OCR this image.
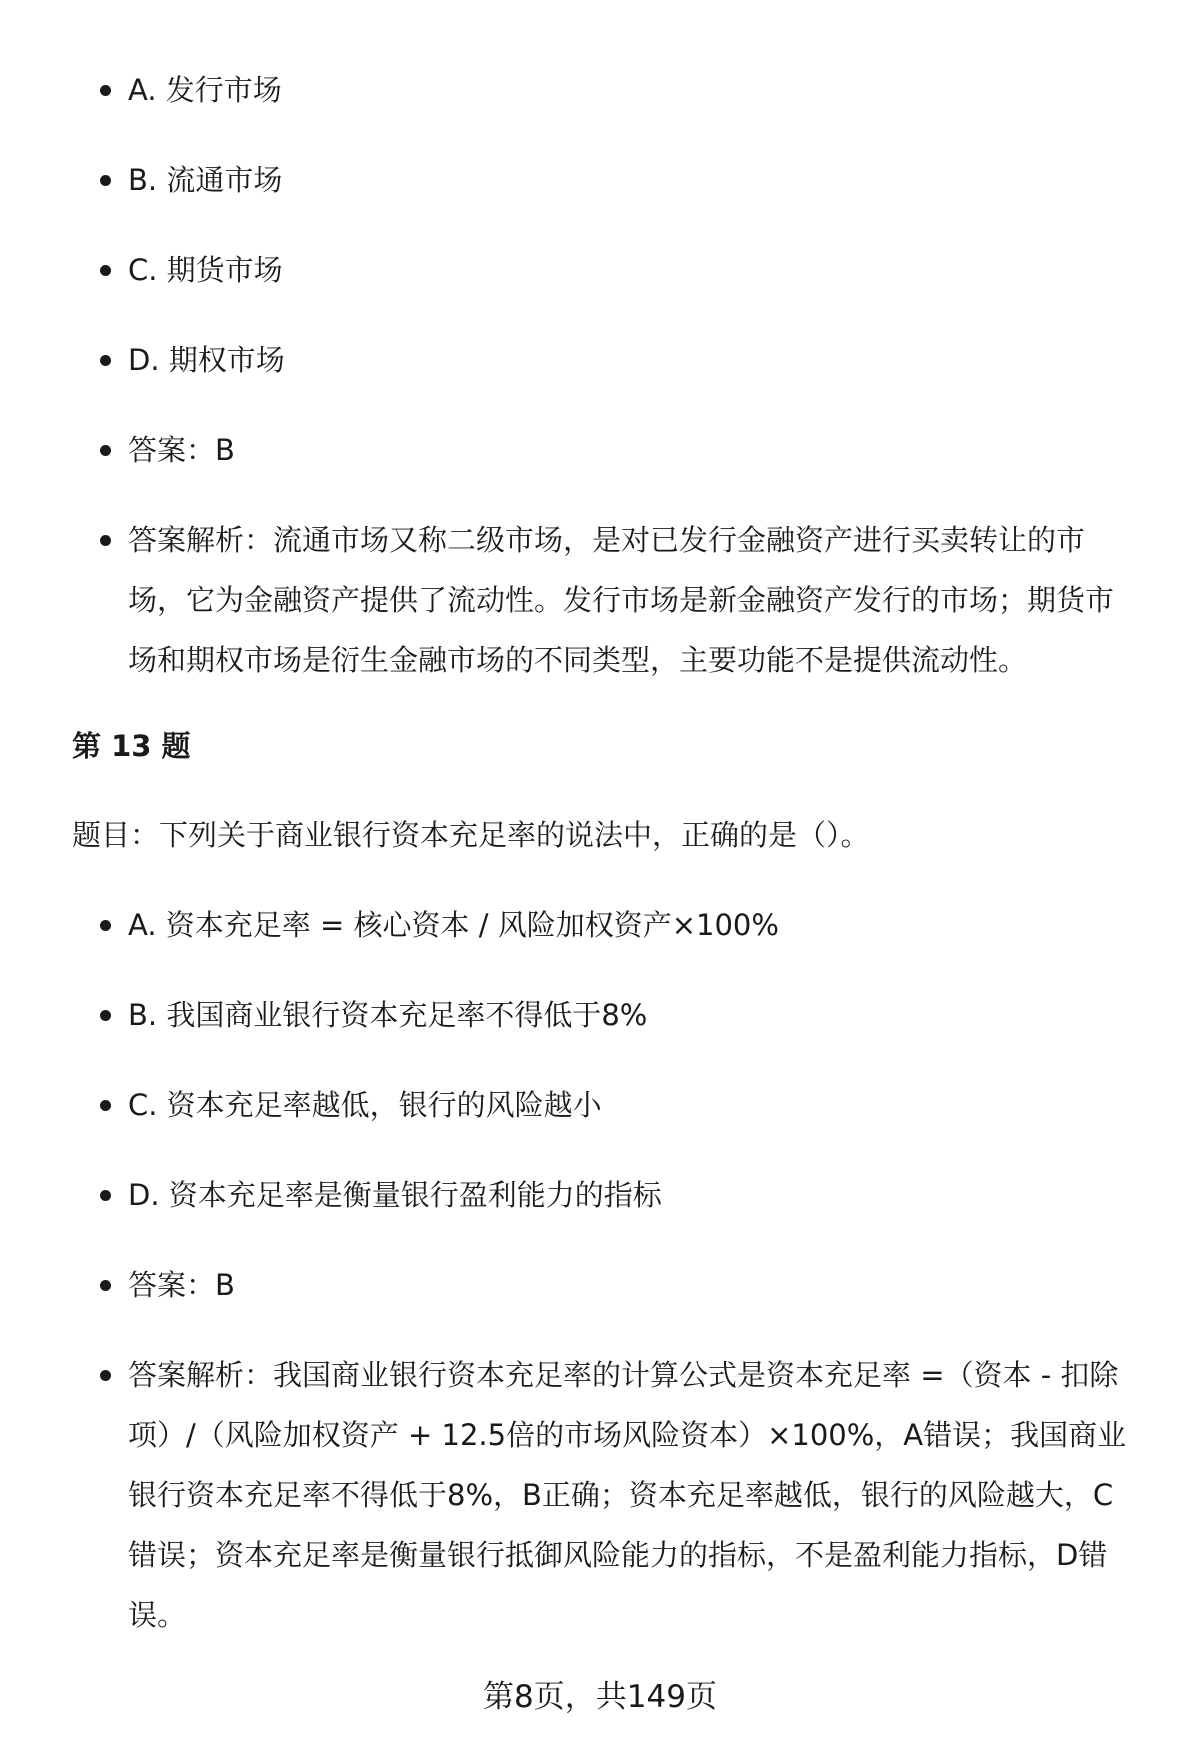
A. 发行市场
B. 流通市场
C. 期货市场
D. 期权市场
答案：B
答案解析：流通市场又称二级市场，是对已发行金融资产进行买卖转让的市场，它为金融资产提供了流动性。发行市场是新金融资产发行的市场；期货市场和期权市场是衍生金融市场的不同类型，主要功能不是提供流动性。
第 13 题
题目：下列关于商业银行资本充足率的说法中，正确的是（）。
A. 资本充足率 = 核心资本 / 风险加权资产×100%
B. 我国商业银行资本充足率不得低于8%
C. 资本充足率越低，银行的风险越小
D. 资本充足率是衡量银行盈利能力的指标
答案：B
答案解析：我国商业银行资本充足率的计算公式是资本充足率 =（资本 - 扣除项）/（风险加权资产 + 12.5倍的市场风险资本）×100%，A错误；我国商业银行资本充足率不得低于8%，B正确；资本充足率越低，银行的风险越大，C错误；资本充足率是衡量银行抵御风险能力的指标，不是盈利能力指标，D错误。
第8页，共149页
